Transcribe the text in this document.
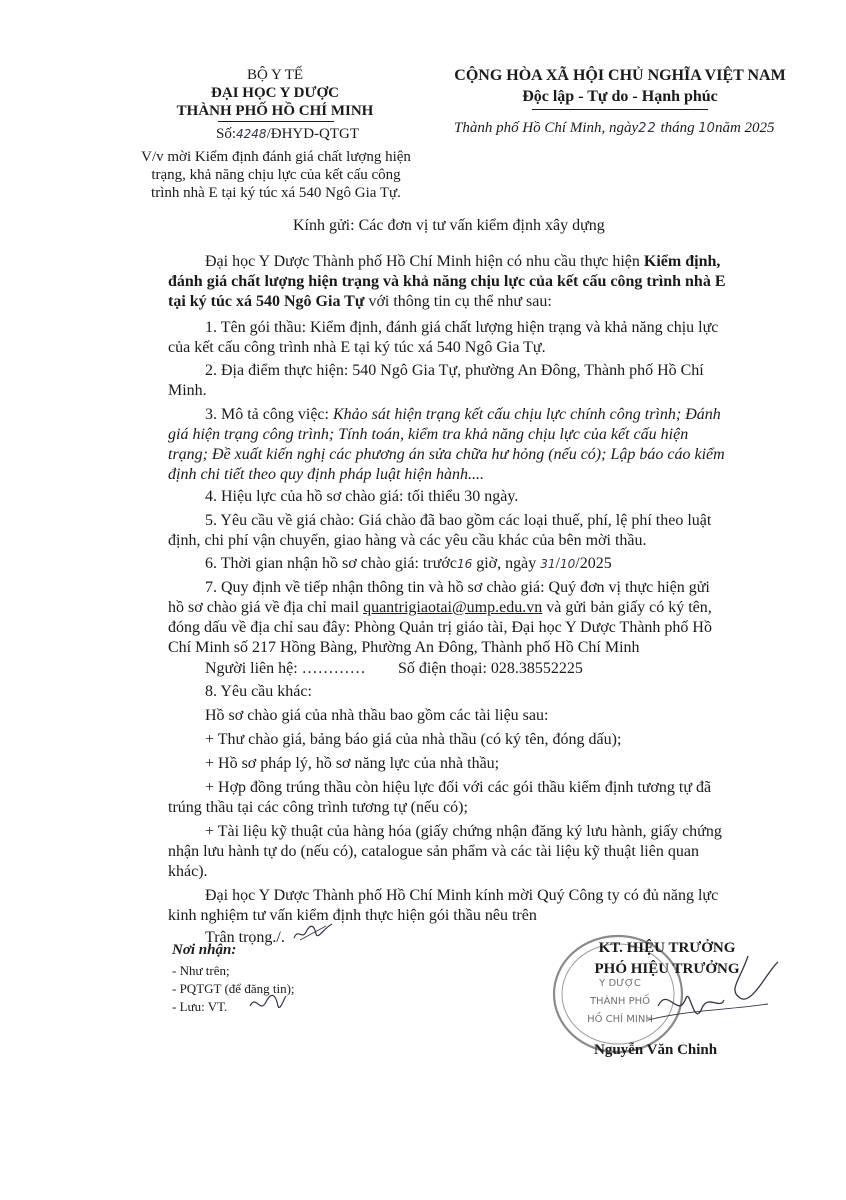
BỘ Y TẾ
ĐẠI HỌC Y DƯỢC
THÀNH PHỐ HỒ CHÍ MINH
Số:4248/ĐHYD-QTGT
V/v mời Kiểm định đánh giá chất lượng hiện
trạng, khả năng chịu lực của kết cấu công
trình nhà E tại ký túc xá 540 Ngô Gia Tự.
CỘNG HÒA XÃ HỘI CHỦ NGHĨA VIỆT NAM
Độc lập - Tự do - Hạnh phúc
Thành phố Hồ Chí Minh, ngày22 tháng 10năm 2025
Kính gửi: Các đơn vị tư vấn kiểm định xây dựng
Đại học Y Dược Thành phố Hồ Chí Minh hiện có nhu cầu thực hiện Kiểm định,
đánh giá chất lượng hiện trạng và khả năng chịu lực của kết cấu công trình nhà E
tại ký túc xá 540 Ngô Gia Tự với thông tin cụ thể như sau:
1. Tên gói thầu: Kiểm định, đánh giá chất lượng hiện trạng và khả năng chịu lực
của kết cấu công trình nhà E tại ký túc xá 540 Ngô Gia Tự.
2. Địa điểm thực hiện: 540 Ngô Gia Tự, phường An Đông, Thành phố Hồ Chí
Minh.
3. Mô tả công việc: Khảo sát hiện trạng kết cấu chịu lực chính công trình; Đánh
giá hiện trạng công trình; Tính toán, kiểm tra khả năng chịu lực của kết cấu hiện
trạng; Đề xuất kiến nghị các phương án sửa chữa hư hỏng (nếu có); Lập báo cáo kiểm
định chi tiết theo quy định pháp luật hiện hành....
4. Hiệu lực của hồ sơ chào giá: tối thiểu 30 ngày.
5. Yêu cầu về giá chào: Giá chào đã bao gồm các loại thuế, phí, lệ phí theo luật
định, chi phí vận chuyển, giao hàng và các yêu cầu khác của bên mời thầu.
6. Thời gian nhận hồ sơ chào giá: trước16 giờ, ngày 31/10/2025
7. Quy định về tiếp nhận thông tin và hồ sơ chào giá: Quý đơn vị thực hiện gửi
hồ sơ chào giá về địa chỉ mail quantrigiaotai@ump.edu.vn và gửi bản giấy có ký tên,
đóng dấu về địa chỉ sau đây: Phòng Quản trị giáo tài, Đại học Y Dược Thành phố Hồ
Chí Minh số 217 Hồng Bàng, Phường An Đông, Thành phố Hồ Chí Minh
Người liên hệ: ………… Số điện thoại: 028.38552225
8. Yêu cầu khác:
Hồ sơ chào giá của nhà thầu bao gồm các tài liệu sau:
+ Thư chào giá, bảng báo giá của nhà thầu (có ký tên, đóng dấu);
+ Hồ sơ pháp lý, hồ sơ năng lực của nhà thầu;
+ Hợp đồng trúng thầu còn hiệu lực đối với các gói thầu kiểm định tương tự đã
trúng thầu tại các công trình tương tự (nếu có);
+ Tài liệu kỹ thuật của hàng hóa (giấy chứng nhận đăng ký lưu hành, giấy chứng
nhận lưu hành tự do (nếu có), catalogue sản phẩm và các tài liệu kỹ thuật liên quan
khác).
Đại học Y Dược Thành phố Hồ Chí Minh kính mời Quý Công ty có đủ năng lực
kinh nghiệm tư vấn kiểm định thực hiện gói thầu nêu trên
Trân trọng./.
Nơi nhận:
- Như trên;
- PQTGT (để đăng tin);
- Lưu: VT.
Y DƯỢC
THÀNH PHỐ
HỒ CHÍ MINH
KT. HIỆU TRƯỞNG
PHÓ HIỆU TRƯỞNG
Nguyễn Văn Chinh
